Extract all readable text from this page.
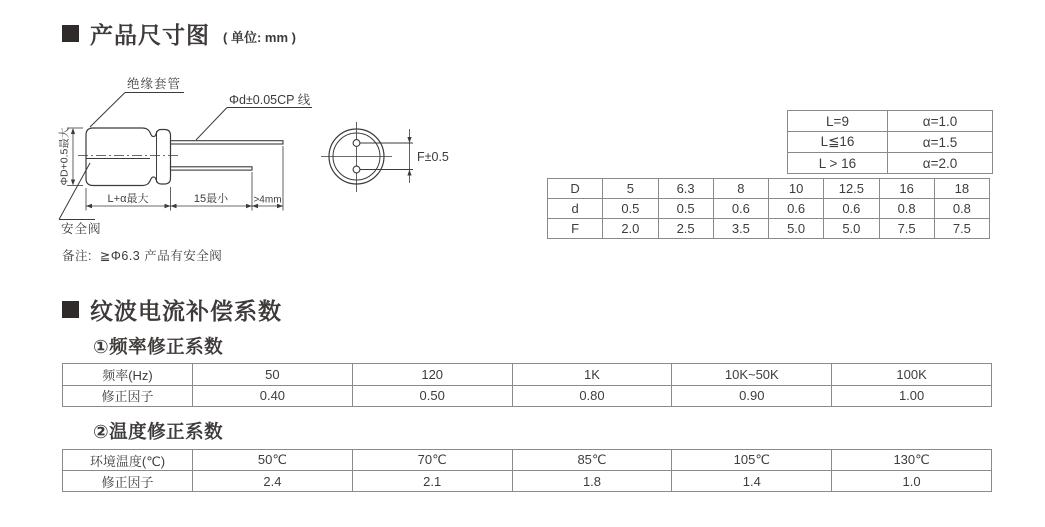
产品尺寸图 ( 单位: mm )
ΦD+0.5最大
L+α最大	15最小	>4mm
绝缘套管
Φd±0.05CP 线
安全阀
F±0.5
L=9	α=1.0
L≦16	α=1.5
L > 16	α=2.0
D	5	6.3	8	10	12.5	16	18
d	0.5	0.5	0.6	0.6	0.6	0.8	0.8
F	2.0	2.5	3.5	5.0	5.0	7.5	7.5
备注:  ≧Φ6.3 产品有安全阀
纹波电流补偿系数
①频率修正系数
频率(Hz)	50	120	1K	10K~50K	100K
修正因子	0.40	0.50	0.80	0.90	1.00
②温度修正系数
环境温度(℃)	50℃	70℃	85℃	105℃	130℃
修正因子	2.4	2.1	1.8	1.4	1.0
